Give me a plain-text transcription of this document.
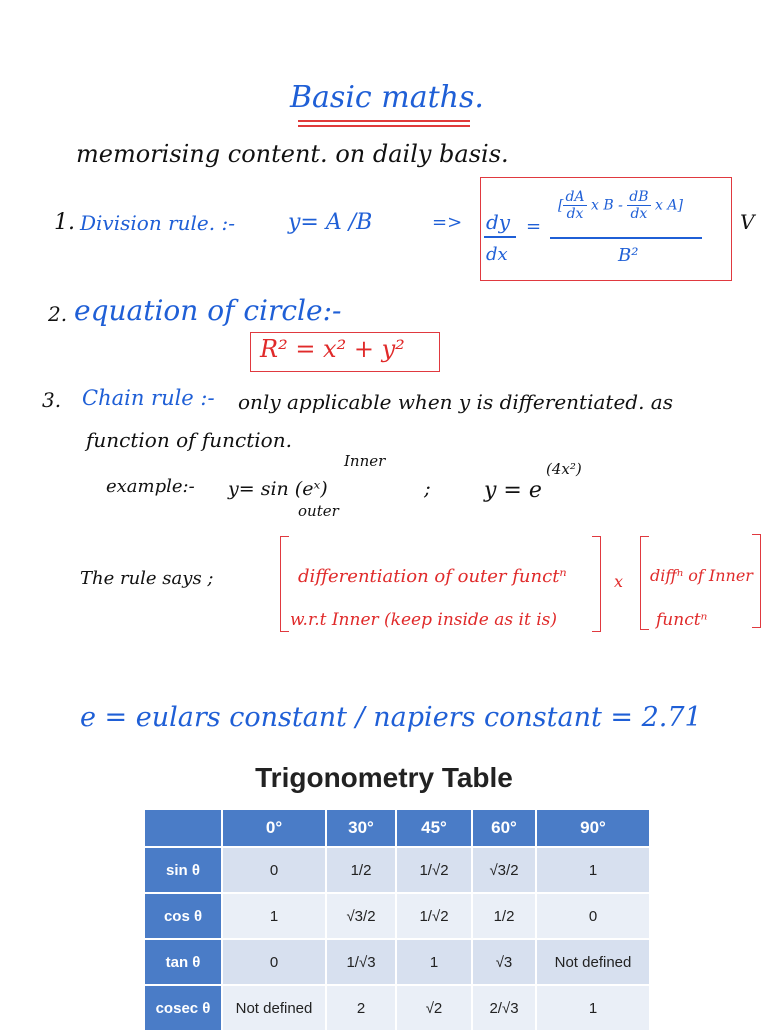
Basic maths.
memorising content. on daily basis.
1. Division rule. :- y= A /B	=> dy
dx
=
[ $\frac{dA}{dx}$ x B - $\frac{dB}{dx}$ x A]
B²
V
2. equation of circle:-
R² = x² + y²
3. Chain rule :- only applicable when y is differentiated. as
function of function.
example:- y= sin (eˣ)
Inner
outer
; y = e
(4x²)
The rule says ;	differentiation of outer functⁿ
w.r.t Inner (keep inside as it is)
x diffⁿ of Inner
functⁿ
e = eulars constant / napiers constant = 2.71
Trigonometry Table
	0°	30°	45°	60°	90°
sin θ	0	1/2	1/√2	√3/2	1
cos θ	1	√3/2	1/√2	1/2	0
tan θ	0	1/√3	1	√3	Not defined
cosec θ	Not defined	2	√2	2/√3	1
